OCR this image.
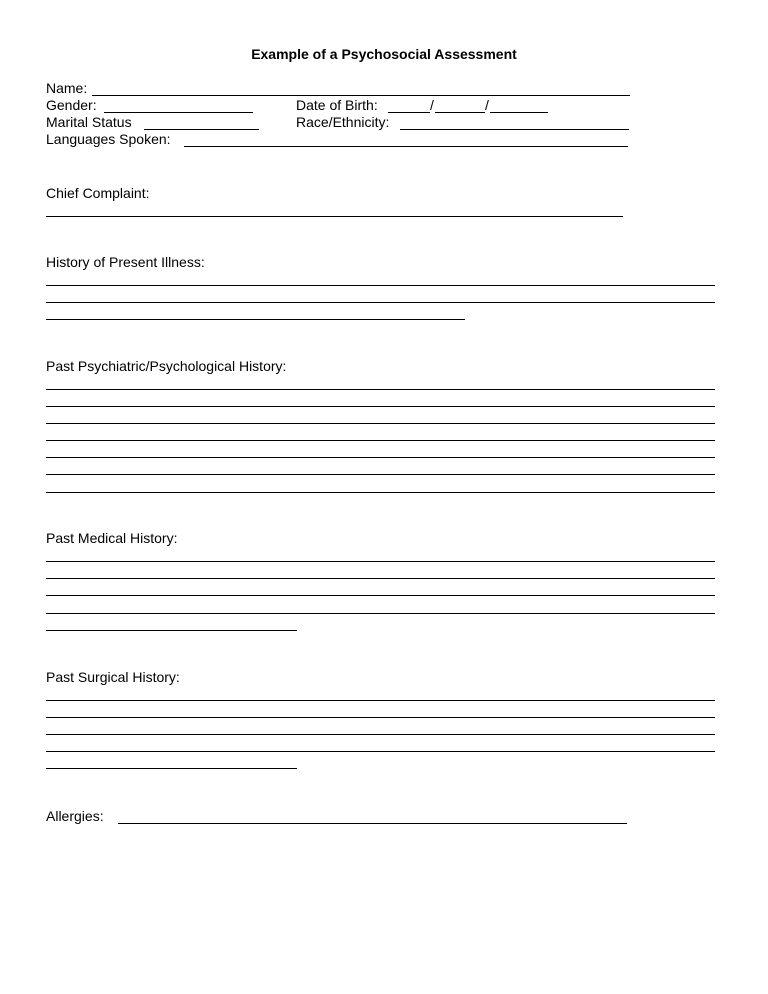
Example of a Psychosocial Assessment
Name:
Gender:	Date of Birth:	/	/
Marital Status	Race/Ethnicity:
Languages Spoken:
Chief Complaint:
History of Present Illness:
Past Psychiatric/Psychological History:
Past Medical History:
Past Surgical History:
Allergies:
